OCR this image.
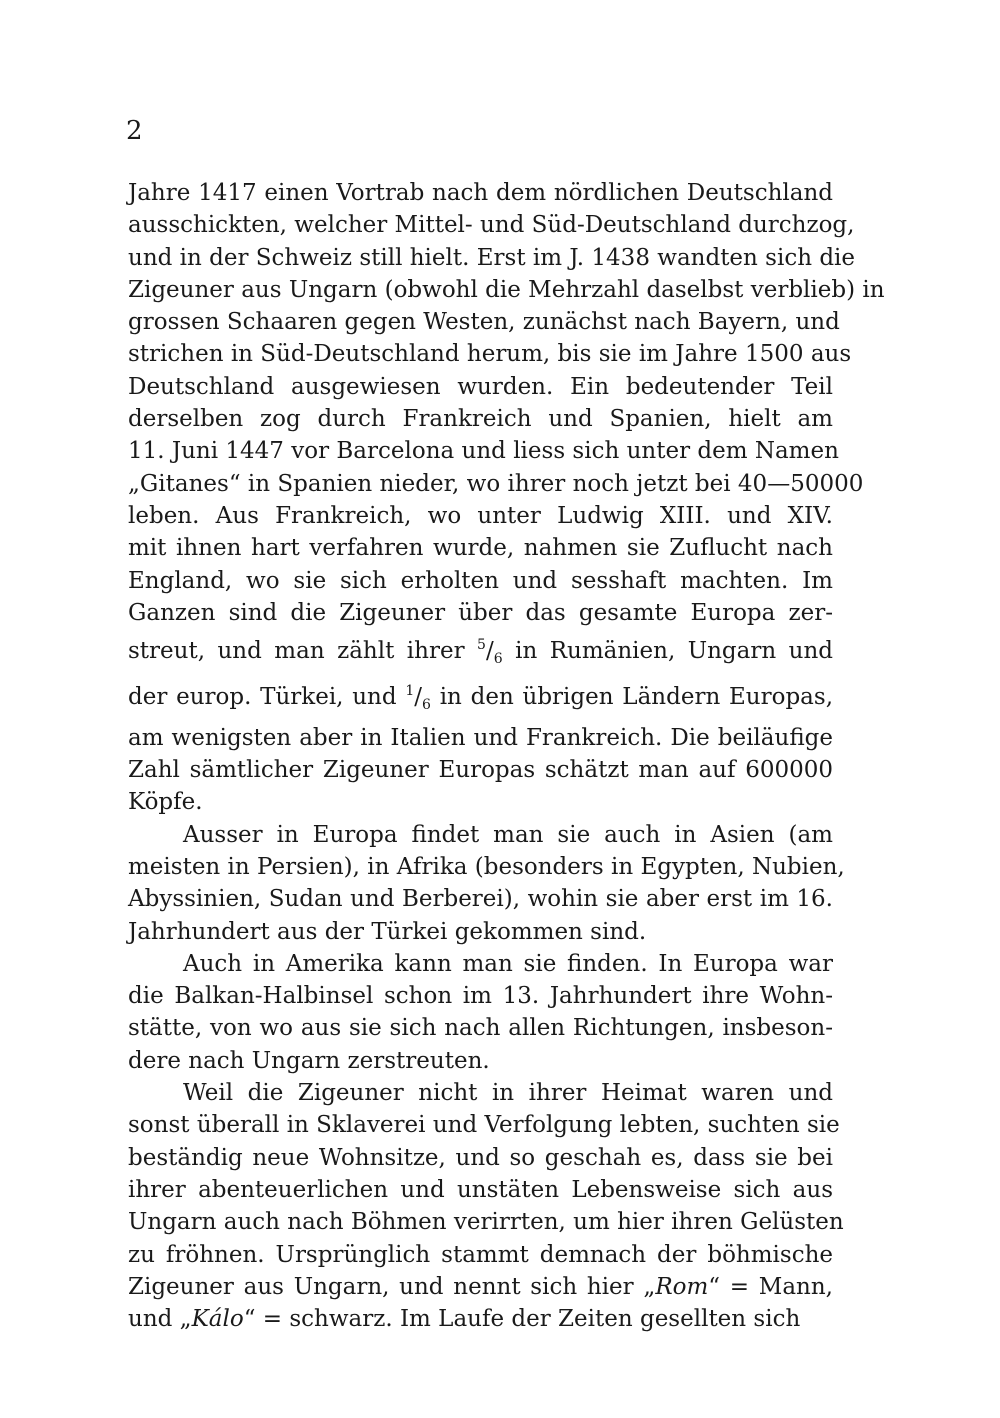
2
Jahre 1417 einen Vortrab nach dem nördlichen Deutschland
ausschickten, welcher Mittel- und Süd-Deutschland durchzog,
und in der Schweiz still hielt. Erst im J. 1438 wandten sich die
Zigeuner aus Ungarn (obwohl die Mehrzahl daselbst verblieb) in
grossen Schaaren gegen Westen, zunächst nach Bayern, und
strichen in Süd-Deutschland herum, bis sie im Jahre 1500 aus
Deutschland ausgewiesen wurden. Ein bedeutender Teil
derselben zog durch Frankreich und Spanien, hielt am
11. Juni 1447 vor Barcelona und liess sich unter dem Namen
„Gitanes“ in Spanien nieder, wo ihrer noch jetzt bei 40—50000
leben. Aus Frankreich, wo unter Ludwig XIII. und XIV.
mit ihnen hart verfahren wurde, nahmen sie Zuflucht nach
England, wo sie sich erholten und sesshaft machten. Im
Ganzen sind die Zigeuner über das gesamte Europa zer-
streut, und man zählt ihrer $^5/_6$ in Rumänien, Ungarn und
der europ. Türkei, und $^1/_6$ in den übrigen Ländern Europas,
am wenigsten aber in Italien und Frankreich. Die beiläufige
Zahl sämtlicher Zigeuner Europas schätzt man auf 600000
Köpfe.
Ausser in Europa findet man sie auch in Asien (am
meisten in Persien), in Afrika (besonders in Egypten, Nubien,
Abyssinien, Sudan und Berberei), wohin sie aber erst im 16.
Jahrhundert aus der Türkei gekommen sind.
Auch in Amerika kann man sie finden. In Europa war
die Balkan-Halbinsel schon im 13. Jahrhundert ihre Wohn-
stätte, von wo aus sie sich nach allen Richtungen, insbeson-
dere nach Ungarn zerstreuten.
Weil die Zigeuner nicht in ihrer Heimat waren und
sonst überall in Sklaverei und Verfolgung lebten, suchten sie
beständig neue Wohnsitze, und so geschah es, dass sie bei
ihrer abenteuerlichen und unstäten Lebensweise sich aus
Ungarn auch nach Böhmen verirrten, um hier ihren Gelüsten
zu fröhnen. Ursprünglich stammt demnach der böhmische
Zigeuner aus Ungarn, und nennt sich hier „Rom“ = Mann,
und „Kálo“ = schwarz. Im Laufe der Zeiten gesellten sich
